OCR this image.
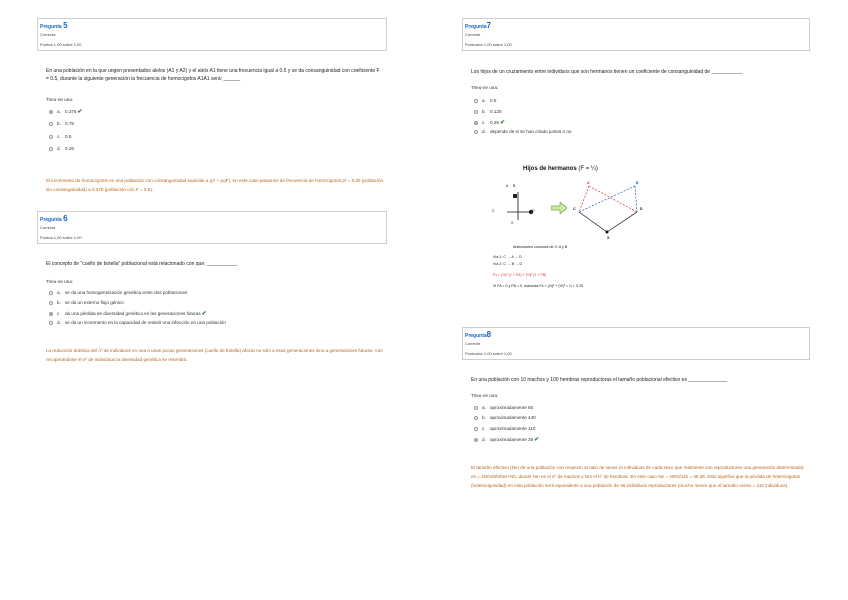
Pregunta 5
Correcta
Puntúa 1,00 sobre 1,00
En una población en la que ungen presentados alelos (A1 y A2) y el alelo A1 tiene una frecuencia igual a 0.5 y se da consanguinidad con coeficiente F = 0.5, durante la siguiente generación la frecuencia de homocigotos A1A1 será: ______
Trieu-ne una:
a. 0.375✔
b. 0.75
c. 0.5
d. 0.25
El incremento de homocigotos en una población con consanguinidad equivale a (p² + pqF), en este caso pasamos de frecuencia de homocigotos p² = 0.25 (población sin consanguinidad) a 0.375 (población con F = 0.5).
Pregunta 6
Correcta
Puntúa 1,00 sobre 1,00
El concepto de "cuello de botella" poblacional está relacionado con que: ___________
Trieu-ne una:
a. se da una homogeneización genética entre dos poblaciones
b. se da un externo flujo génico
c. da una pérdida de diversidad genética en las generaciones futuras✔
d. se da un incremento en la capacidad de resistir una infección en una población
La reducción drástica del nº de individuos en una o unas pocas generaciones (cuello de botella) afecta no sólo a esas generaciones sino a generaciones futuras. Aún recuperándose el nº de individuos la diversidad genética se resentirá.
Pregunta7
Correcte
Puntuació 1,00 sobre 1,00
Los hijos de un cruzamiento entre individuos que son hermanos tienen un coeficiente de consanguinidad de ___________
Trieu-ne una:
a. 0.5
b. 0.125
c. 0.25✔
d. depende de si se han criado juntos o no
Hijos de hermanos (F = ¼)
A B
C	D
X
A	B
C	D
X
Antecesores comunes de X: A y B
Vía 1: C → A → D
Vía 2: C → B → D
Fx = (½)³ (1 + FA) + (½)³ (1 + FB)
Si FA = 0 y FB = 0, entonces Fx = (½)³ + (½)³ = ¼ = 0.25
Pregunta8
Correcte
Puntuació 1,00 sobre 1,00
En una población con 10 machos y 100 hembras reproductoras el tamaño poblacional efectivo es ______________
Trieu-ne una:
a. aproximadamente 60
b. aproximadamente 440
c. aproximadamente 110
d. aproximadamente 36✔
El tamaño efectivo (Ne) de una población con respecto al ratio de sexos (o individuos de cada sexo que realmente son reproductores una generación determinada) es = 4NmxNh/Nm+Nh, donde Nm es el nº de machos y Nm el nº de hembras. En este caso Ne = 4000/110 = 36.36. Esto significa que la pérdida de heterocigotos (heterocigosidad) en esta población será equivalente a una población de 36 individuos reproductores (mucho menor que el tamaño censo = 110 individuos).
